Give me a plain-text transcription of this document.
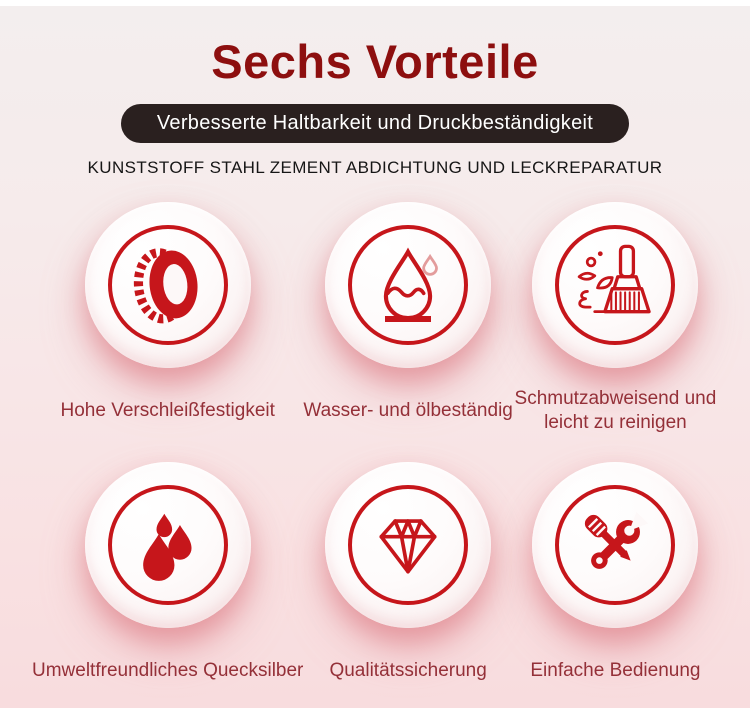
Sechs Vorteile
Verbesserte Haltbarkeit und Druckbeständigkeit
KUNSTSTOFF STAHL ZEMENT ABDICHTUNG UND LECKREPARATUR
Hohe Verschleißfestigkeit Wasser- und ölbeständig
Schmutzabweisend und leicht zu reinigen
Umweltfreundliches Quecksilber Qualitätssicherung Einfache Bedienung
